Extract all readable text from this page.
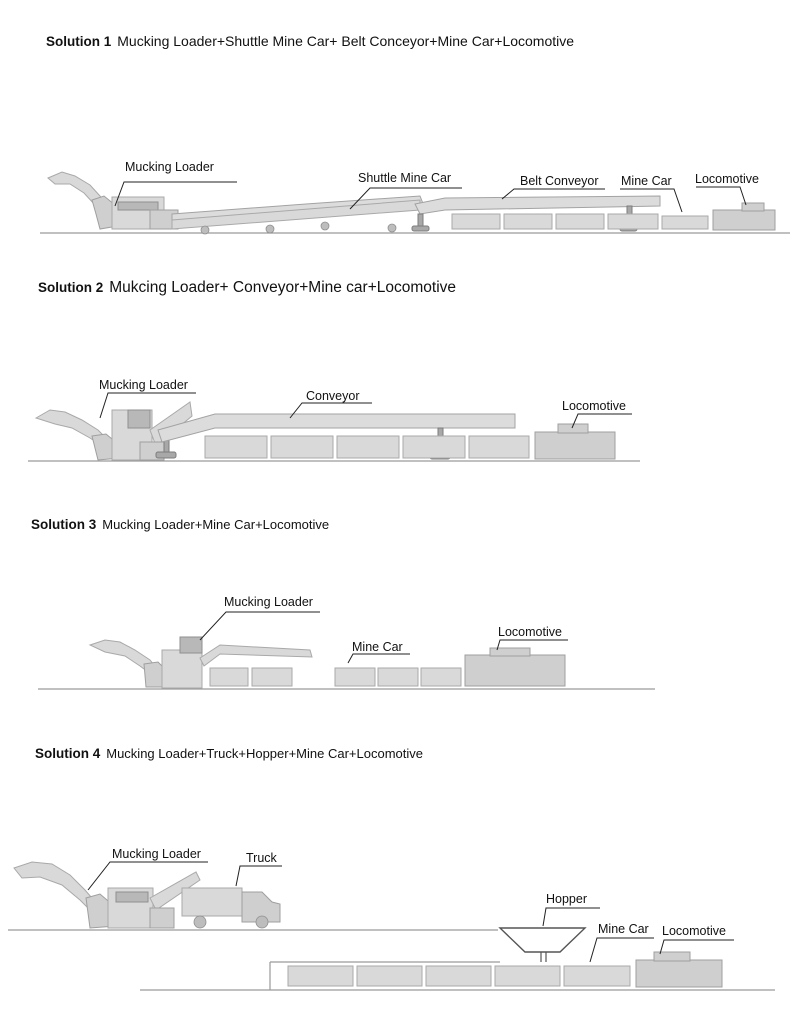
Solution 1 Mucking Loader+Shuttle Mine Car+ Belt Conceyor+Mine Car+Locomotive
Solution 2 Mukcing Loader+ Conveyor+Mine car+Locomotive
Solution 3 Mucking Loader+Mine Car+Locomotive
Solution 4 Mucking Loader+Truck+Hopper+Mine Car+Locomotive
Mucking Loader
Shuttle Mine Car	Belt Conveyor Mine Car Locomotive
Mucking Loader
Conveyor
Locomotive
Mucking Loader
Mine Car
Locomotive
Mucking Loader	Truck
Hopper
Mine Car Locomotive
